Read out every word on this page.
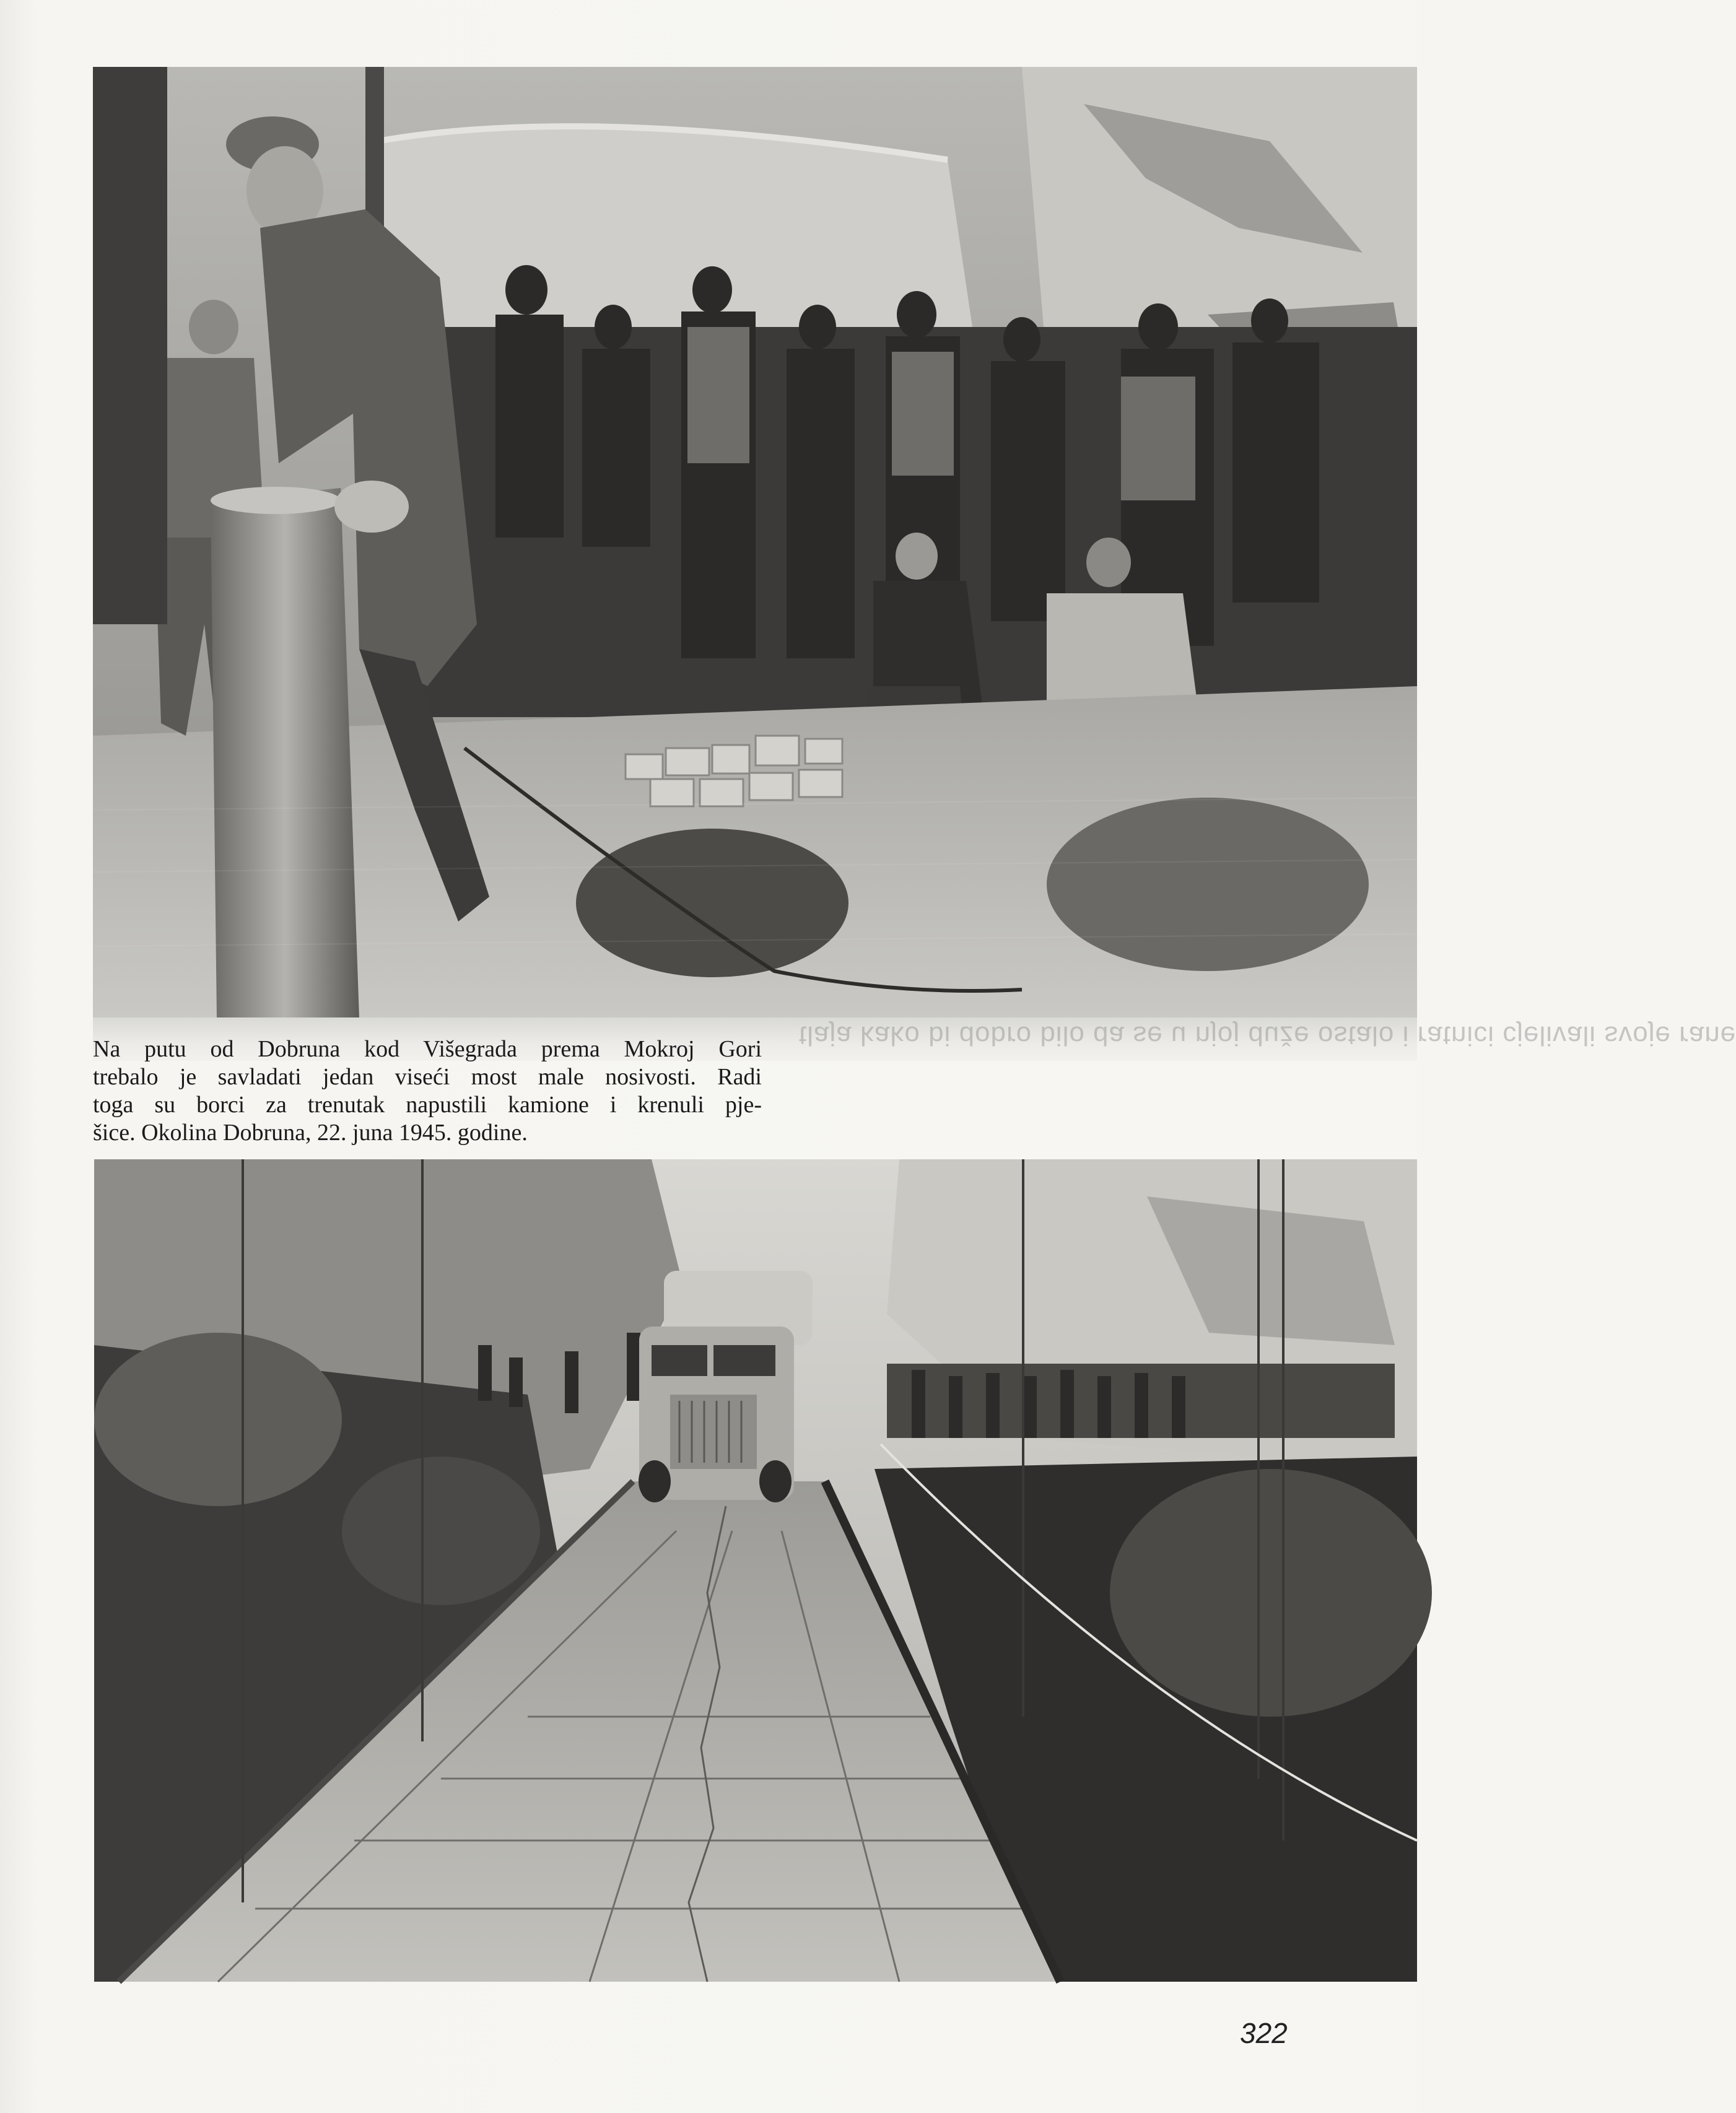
tlaja kako bi dobro bilo da se u njoj duže ostalo i ratnici cjelivali svoje rane

Na putu od Dobruna kod Višegrada prema Mokroj Gori
trebalo je savladati jedan viseći most male nosivosti. Radi
toga su borci za trenutak napustili kamione i krenuli pje-
šice. Okolina Dobruna, 22. juna 1945. godine.

322
